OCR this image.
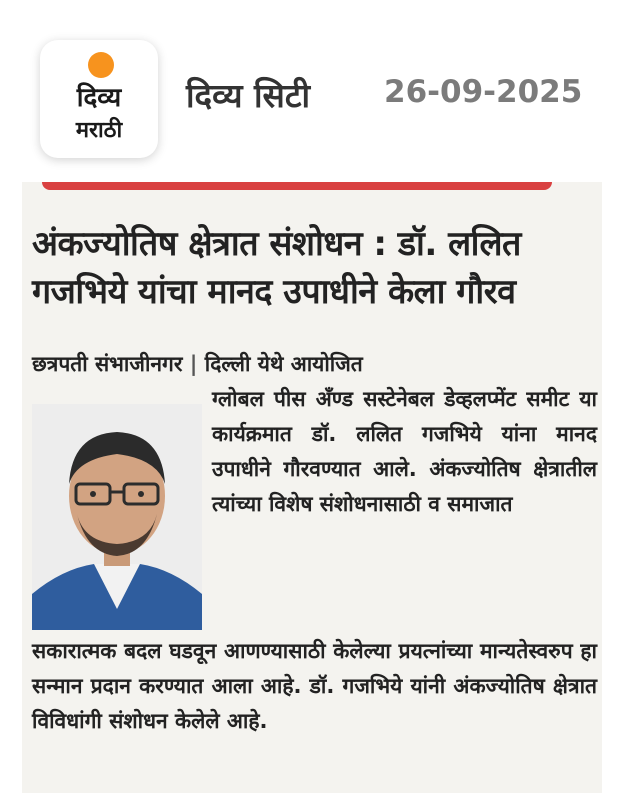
दिव्य
मराठी
दिव्य सिटी 26-09-2025
अंकज्योतिष क्षेत्रात संशोधन : डॉ. ललित
गजभिये यांचा मानद उपाधीने केला गौरव
छत्रपती संभाजीनगर | दिल्ली येथे आयोजित
ग्लोबल पीस अँण्ड सस्टेनेबल डेव्हलप्मेंट समीट या कार्यक्रमात डॉ. ललित गजभिये यांना मानद उपाधीने गौरवण्यात आले. अंकज्योतिष क्षेत्रातील त्यांच्या विशेष संशोधनासाठी व समाजात
सकारात्मक बदल घडवून आणण्यासाठी केलेल्या प्रयत्नांच्या मान्यतेस्वरुप हा सन्मान प्रदान करण्यात आला आहे. डॉ. गजभिये यांनी अंकज्योतिष क्षेत्रात विविधांगी संशोधन केलेले आहे.
